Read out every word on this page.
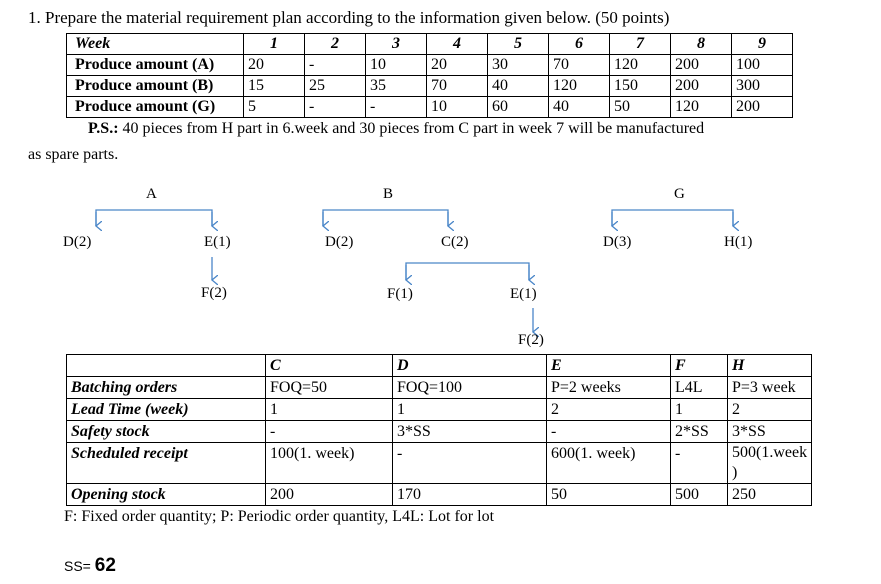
1. Prepare the material requirement plan according to the information given below. (50 points)
Week	1	2	3	4	5	6	7	8	9
Produce amount (A)	20	-	10	20	30	70	120	200	100
Produce amount (B)	15	25	35	70	40	120	150	200	300
Produce amount (G)	5	-	-	10	60	40	50	120	200
P.S.: 40 pieces from H part in 6.week and 30 pieces from C part in week 7 will be manufactured
as spare parts.
A
D(2)	E(1)
F(2)
B
D(2)	C(2)
F(1)	E(1)
F(2)
G
D(3)	H(1)
	C	D	E	F	H
Batching orders	FOQ=50	FOQ=100	P=2 weeks	L4L	P=3 week
Lead Time (week)	1	1	2	1	2
Safety stock	-	3*SS	-	2*SS	3*SS
Scheduled receipt	100(1. week)	-	600(1. week)	-	500(1.week )
Opening stock	200	170	50	500	250
F: Fixed order quantity; P: Periodic order quantity, L4L: Lot for lot
SS= 62
